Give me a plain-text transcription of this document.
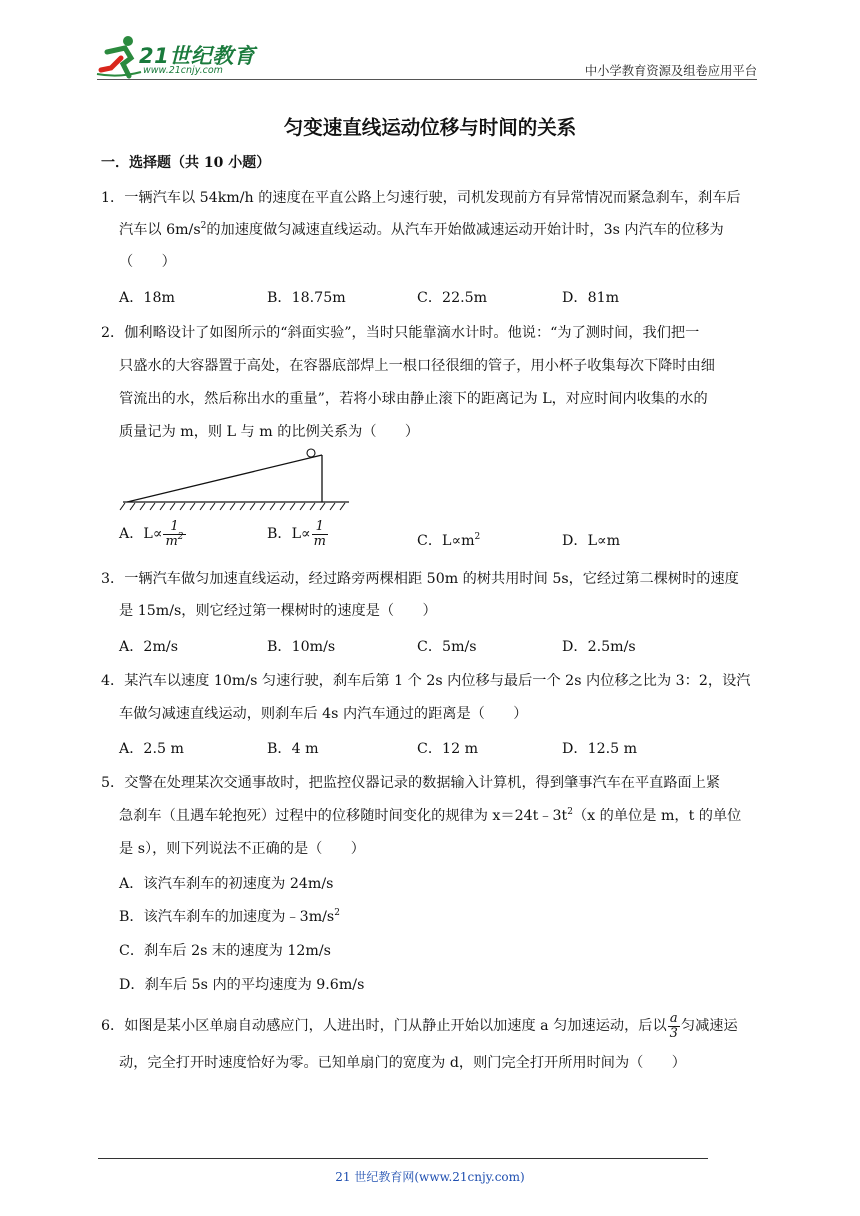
21世纪教育
www.21cnjy.com	中小学教育资源及组卷应用平台
匀变速直线运动位移与时间的关系
一．选择题（共 10 小题）
1．一辆汽车以 54km/h 的速度在平直公路上匀速行驶，司机发现前方有异常情况而紧急刹车，刹车后
汽车以 $6m/s^2$的加速度做匀减速直线运动。从汽车开始做减速运动开始计时，3s 内汽车的位移为
（　　）
A．18m	B．18.75m	C．22.5m	D．81m
2．伽利略设计了如图所示的“斜面实验”，当时只能靠滴水计时。他说：“为了测时间，我们把一
只盛水的大容器置于高处，在容器底部焊上一根口径很细的管子，用小杯子收集每次下降时由细
管流出的水，然后称出水的重量”，若将小球由静止滚下的距离记为 L，对应时间内收集的水的
质量记为 m，则 L 与 m 的比例关系为（　　）
A．$L\propto \frac{1}{m^2}$	B．$L\propto \frac{1}{m}$	C．$L\propto m^2$	D．L∝m
3．一辆汽车做匀加速直线运动，经过路旁两棵相距 50m 的树共用时间 5s，它经过第二棵树时的速度
是 15m/s，则它经过第一棵树时的速度是（　　）
A．2m/s	B．10m/s	C．5m/s	D．2.5m/s
4．某汽车以速度 10m/s 匀速行驶，刹车后第 1 个 2s 内位移与最后一个 2s 内位移之比为 3：2，设汽
车做匀减速直线运动，则刹车后 4s 内汽车通过的距离是（　　）
A．2.5 m	B．4 m	C．12 m	D．12.5 m
5．交警在处理某次交通事故时，把监控仪器记录的数据输入计算机，得到肇事汽车在平直路面上紧
急刹车（且遇车轮抱死）过程中的位移随时间变化的规律为 $x=24t﹣3t^2(x$ 的单位是 m，t 的单位
是 s），则下列说法不正确的是（　　）
A．该汽车刹车的初速度为 24m/s
B．该汽车刹车的加速度为$﹣3m/s^2$
C．刹车后 2s 末的速度为 12m/s
D．刹车后 5s 内的平均速度为 9.6m/s
6．如图是某小区单扇自动感应门，人进出时，门从静止开始以加速度 a 匀加速运动，后以 $\frac{a}{3}$ 匀减速运
动，完全打开时速度恰好为零。已知单扇门的宽度为 d，则门完全打开所用时间为（　　）
21 世纪教育网(www.21cnjy.com)
